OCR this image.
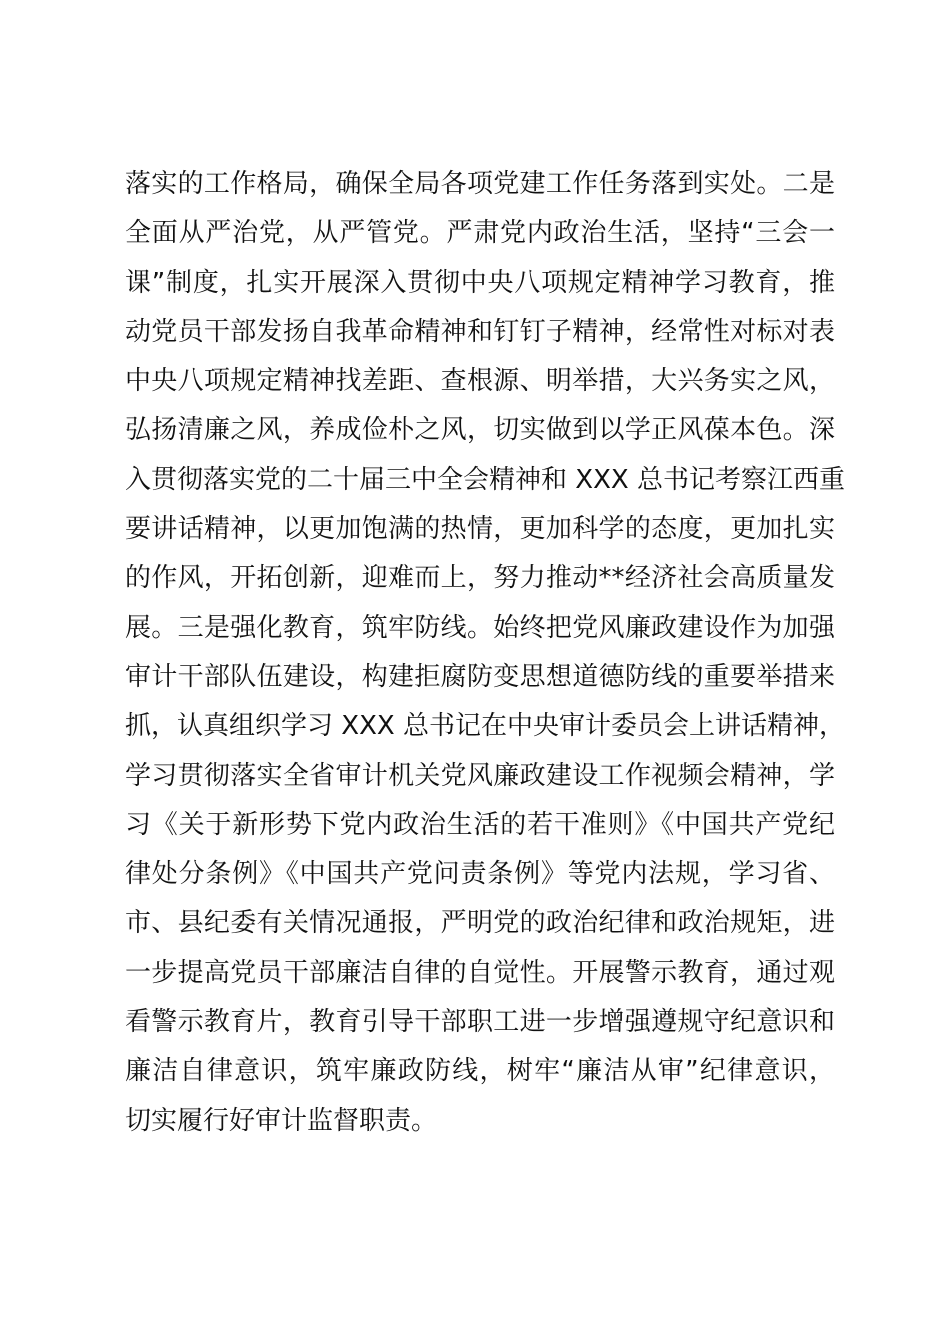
落实的工作格局，确保全局各项党建工作任务落到实处。二是
全面从严治党，从严管党。严肃党内政治生活，坚持“三会一
课”制度，扎实开展深入贯彻中央八项规定精神学习教育，推
动党员干部发扬自我革命精神和钉钉子精神，经常性对标对表
中央八项规定精神找差距、查根源、明举措，大兴务实之风，
弘扬清廉之风，养成俭朴之风，切实做到以学正风葆本色。深
入贯彻落实党的二十届三中全会精神和 XXX 总书记考察江西重
要讲话精神，以更加饱满的热情，更加科学的态度，更加扎实
的作风，开拓创新，迎难而上，努力推动**经济社会高质量发
展。三是强化教育，筑牢防线。始终把党风廉政建设作为加强
审计干部队伍建设，构建拒腐防变思想道德防线的重要举措来
抓，认真组织学习 XXX 总书记在中央审计委员会上讲话精神，
学习贯彻落实全省审计机关党风廉政建设工作视频会精神，学
习《关于新形势下党内政治生活的若干准则》《中国共产党纪
律处分条例》《中国共产党问责条例》等党内法规，学习省、
市、县纪委有关情况通报，严明党的政治纪律和政治规矩，进
一步提高党员干部廉洁自律的自觉性。开展警示教育，通过观
看警示教育片，教育引导干部职工进一步增强遵规守纪意识和
廉洁自律意识，筑牢廉政防线，树牢“廉洁从审”纪律意识，
切实履行好审计监督职责。
